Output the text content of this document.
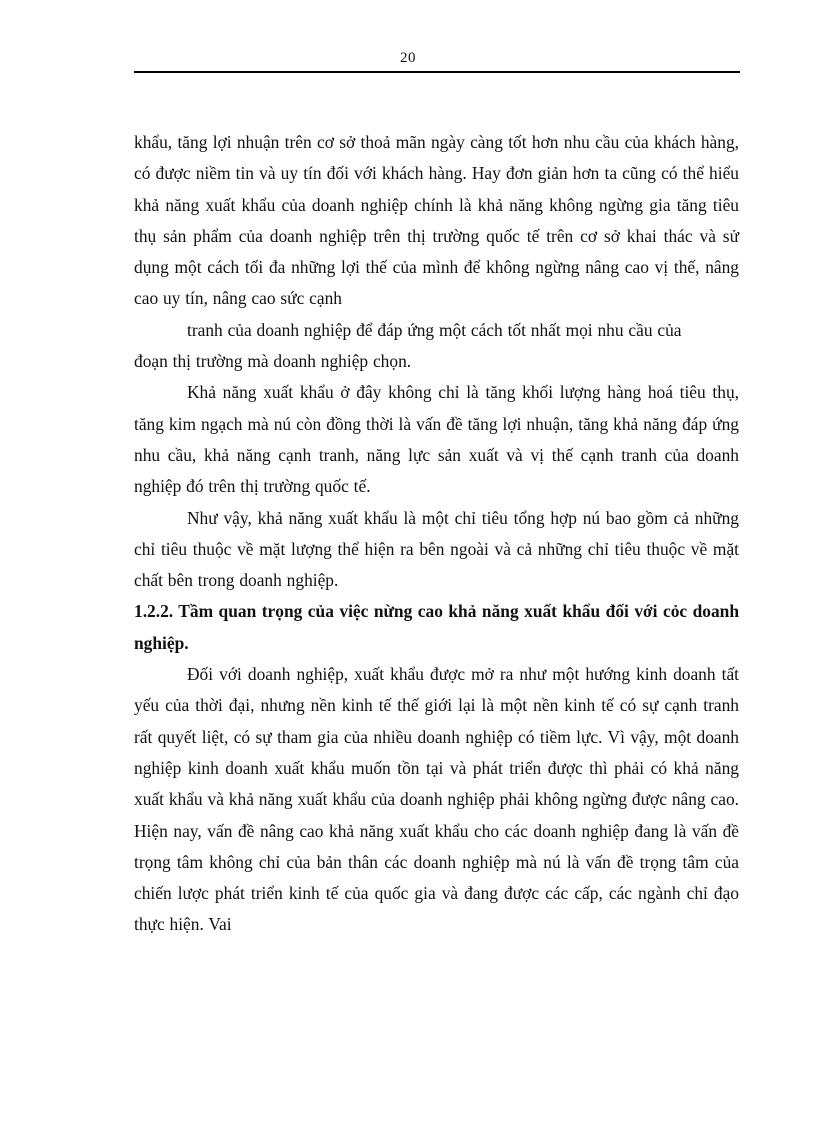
20

khẩu, tăng lợi nhuận trên cơ sở thoả mãn ngày càng tốt hơn nhu cầu của khách hàng, có được niềm tin và uy tín đối với khách hàng. Hay đơn giản hơn ta cũng có thể hiểu khả năng xuất khẩu của doanh nghiệp chính là khả năng không ngừng gia tăng tiêu thụ sản phẩm của doanh nghiệp trên thị trường quốc tế trên cơ sở khai thác và sử dụng một cách tối đa những lợi thế của mình để không ngừng nâng cao vị thế, nâng cao uy tín, nâng cao sức cạnh

tranh của doanh nghiệp để đáp ứng một cách tốt nhất mọi nhu cầu của

đoạn thị trường mà doanh nghiệp chọn.

Khả năng xuất khẩu ở đây không chỉ là tăng khối lượng hàng hoá tiêu thụ, tăng kim ngạch mà nú còn đồng thời là vấn đề tăng lợi nhuận, tăng khả năng đáp ứng nhu cầu, khả năng cạnh tranh, năng lực sản xuất và vị thế cạnh tranh của doanh nghiệp đó trên thị trường quốc tế.

Như vậy, khả năng xuất khẩu là một chỉ tiêu tổng hợp nú bao gồm cả những chỉ tiêu thuộc về mặt lượng thể hiện ra bên ngoài và cả những chỉ tiêu thuộc về mặt chất bên trong doanh nghiệp.

1.2.2. Tầm quan trọng của việc nừng cao khả năng xuất khẩu đối với cỏc doanh nghiệp.

Đối với doanh nghiệp, xuất khẩu được mở ra như một hướng kinh doanh tất yếu của thời đại, nhưng nền kinh tế thế giới lại là một nền kinh tế có sự cạnh tranh rất quyết liệt, có sự tham gia của nhiều doanh nghiệp có tiềm lực. Vì vậy, một doanh nghiệp kinh doanh xuất khẩu muốn tồn tại và phát triển được thì phải có khả năng xuất khẩu và khả năng xuất khẩu của doanh nghiệp phải không ngừng được nâng cao. Hiện nay, vấn đề nâng cao khả năng xuất khẩu cho các doanh nghiệp đang là vấn đề trọng tâm không chỉ của bản thân các doanh nghiệp mà nú là vấn đề trọng tâm của chiến lược phát triển kinh tế của quốc gia và đang được các cấp, các ngành chỉ đạo thực hiện. Vai
